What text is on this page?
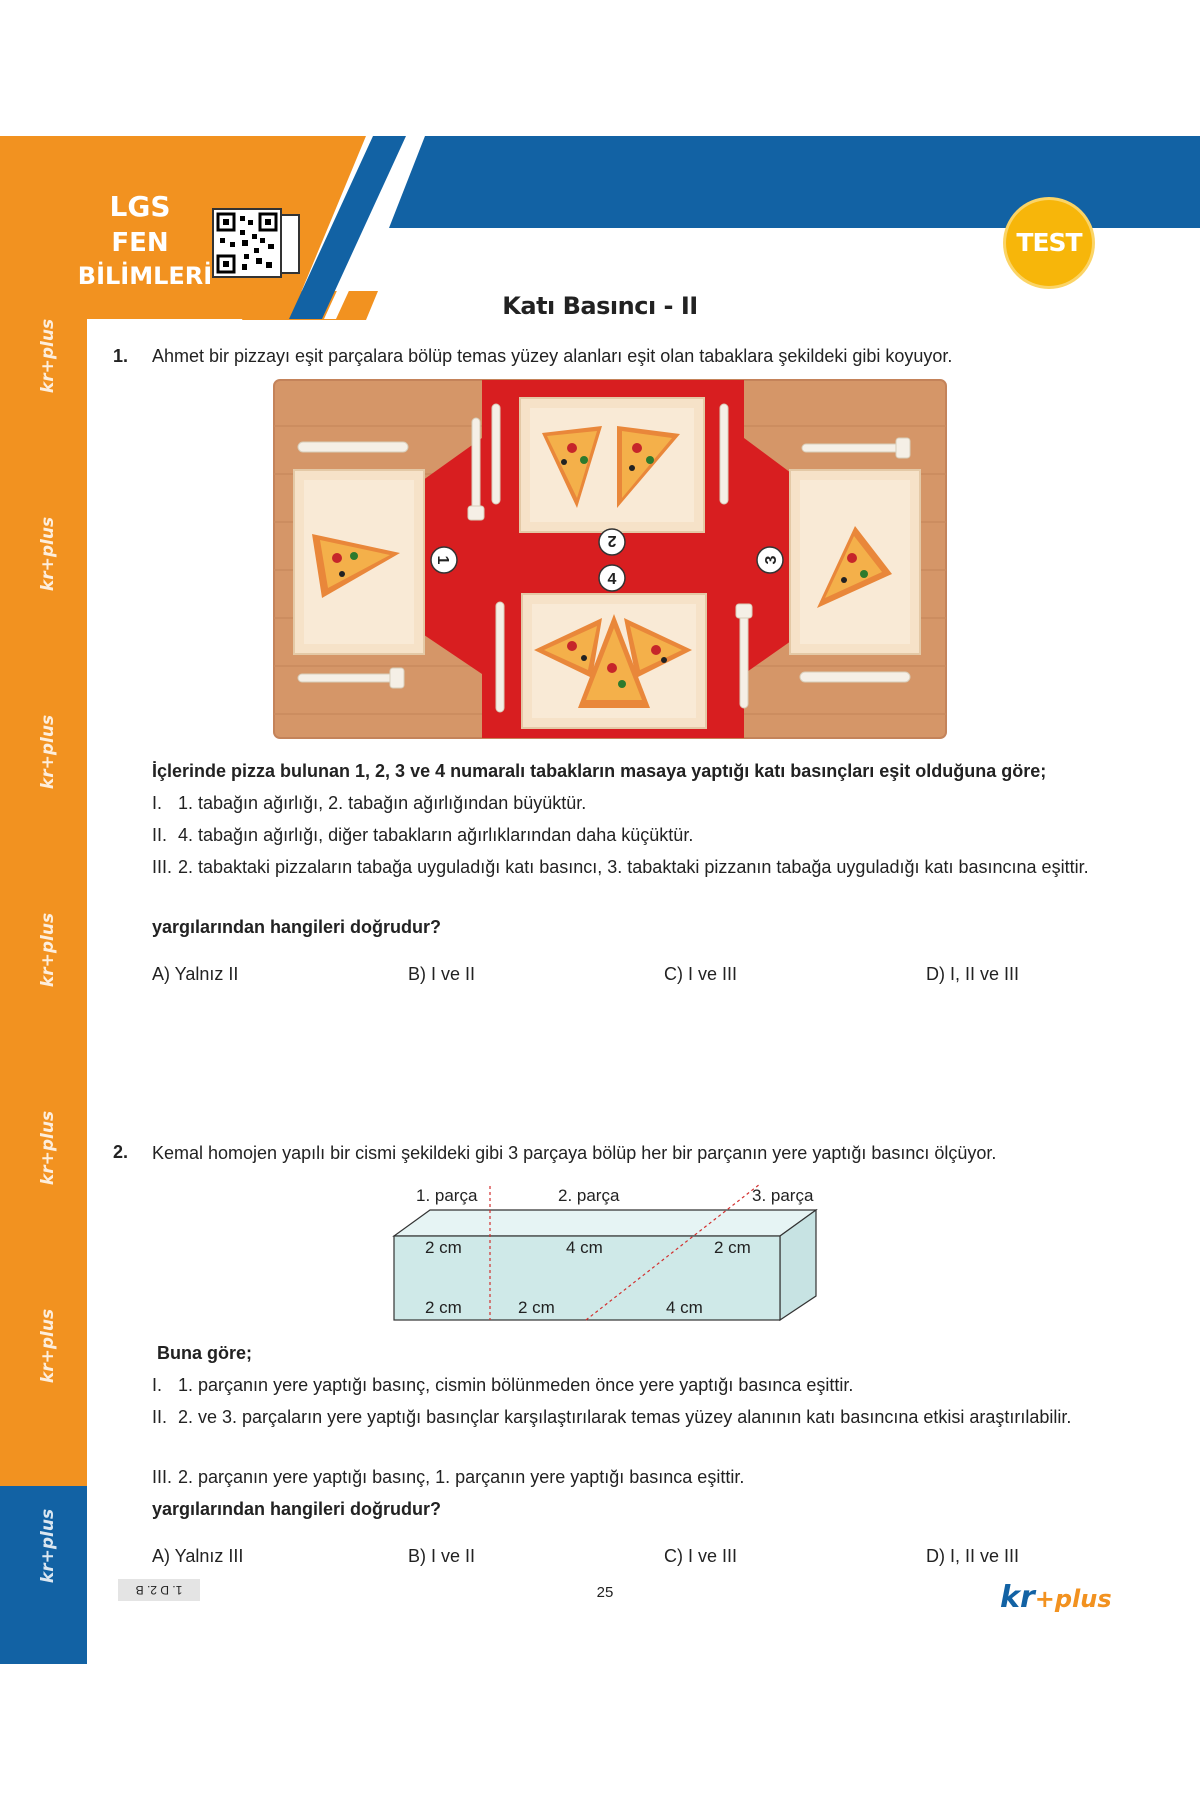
kr+plus
kr+plus
kr+plus
kr+plus
kr+plus
kr+plus
kr+plus
LGS
FEN
BİLİMLERİ
TEST 13
Katı Basıncı - II
1. Ahmet bir pizzayı eşit parçalara bölüp temas yüzey alanları eşit olan tabaklara şekildeki gibi koyuyor.
1
2
3
4
İçlerinde pizza bulunan 1, 2, 3 ve 4 numaralı tabakların masaya yaptığı katı basınçları eşit olduğuna göre;
I. 1. tabağın ağırlığı, 2. tabağın ağırlığından büyüktür.
II. 4. tabağın ağırlığı, diğer tabakların ağırlıklarından daha küçüktür.
III. 2. tabaktaki pizzaların tabağa uyguladığı katı basıncı, 3. tabaktaki pizzanın tabağa uyguladığı katı basıncına eşittir.
yargılarından hangileri doğrudur?
A) Yalnız II	B) I ve II	C) I ve III	D) I, II ve III
2. Kemal homojen yapılı bir cismi şekildeki gibi 3 parçaya bölüp her bir parçanın yere yaptığı basıncı ölçüyor.
1. parça	2. parça	3. parça
2 cm	4 cm	2 cm
2 cm	2 cm	4 cm
Buna göre;
I. 1. parçanın yere yaptığı basınç, cismin bölünmeden önce yere yaptığı basınca eşittir.
II. 2. ve 3. parçaların yere yaptığı basınçlar karşılaştırılarak temas yüzey alanının katı basıncına etkisi araştırılabilir.
III. 2. parçanın yere yaptığı basınç, 1. parçanın yere yaptığı basınca eşittir.
yargılarından hangileri doğrudur?
A) Yalnız III	B) I ve II	C) I ve III	D) I, II ve III
1. D 2. B	25	kr+plus
